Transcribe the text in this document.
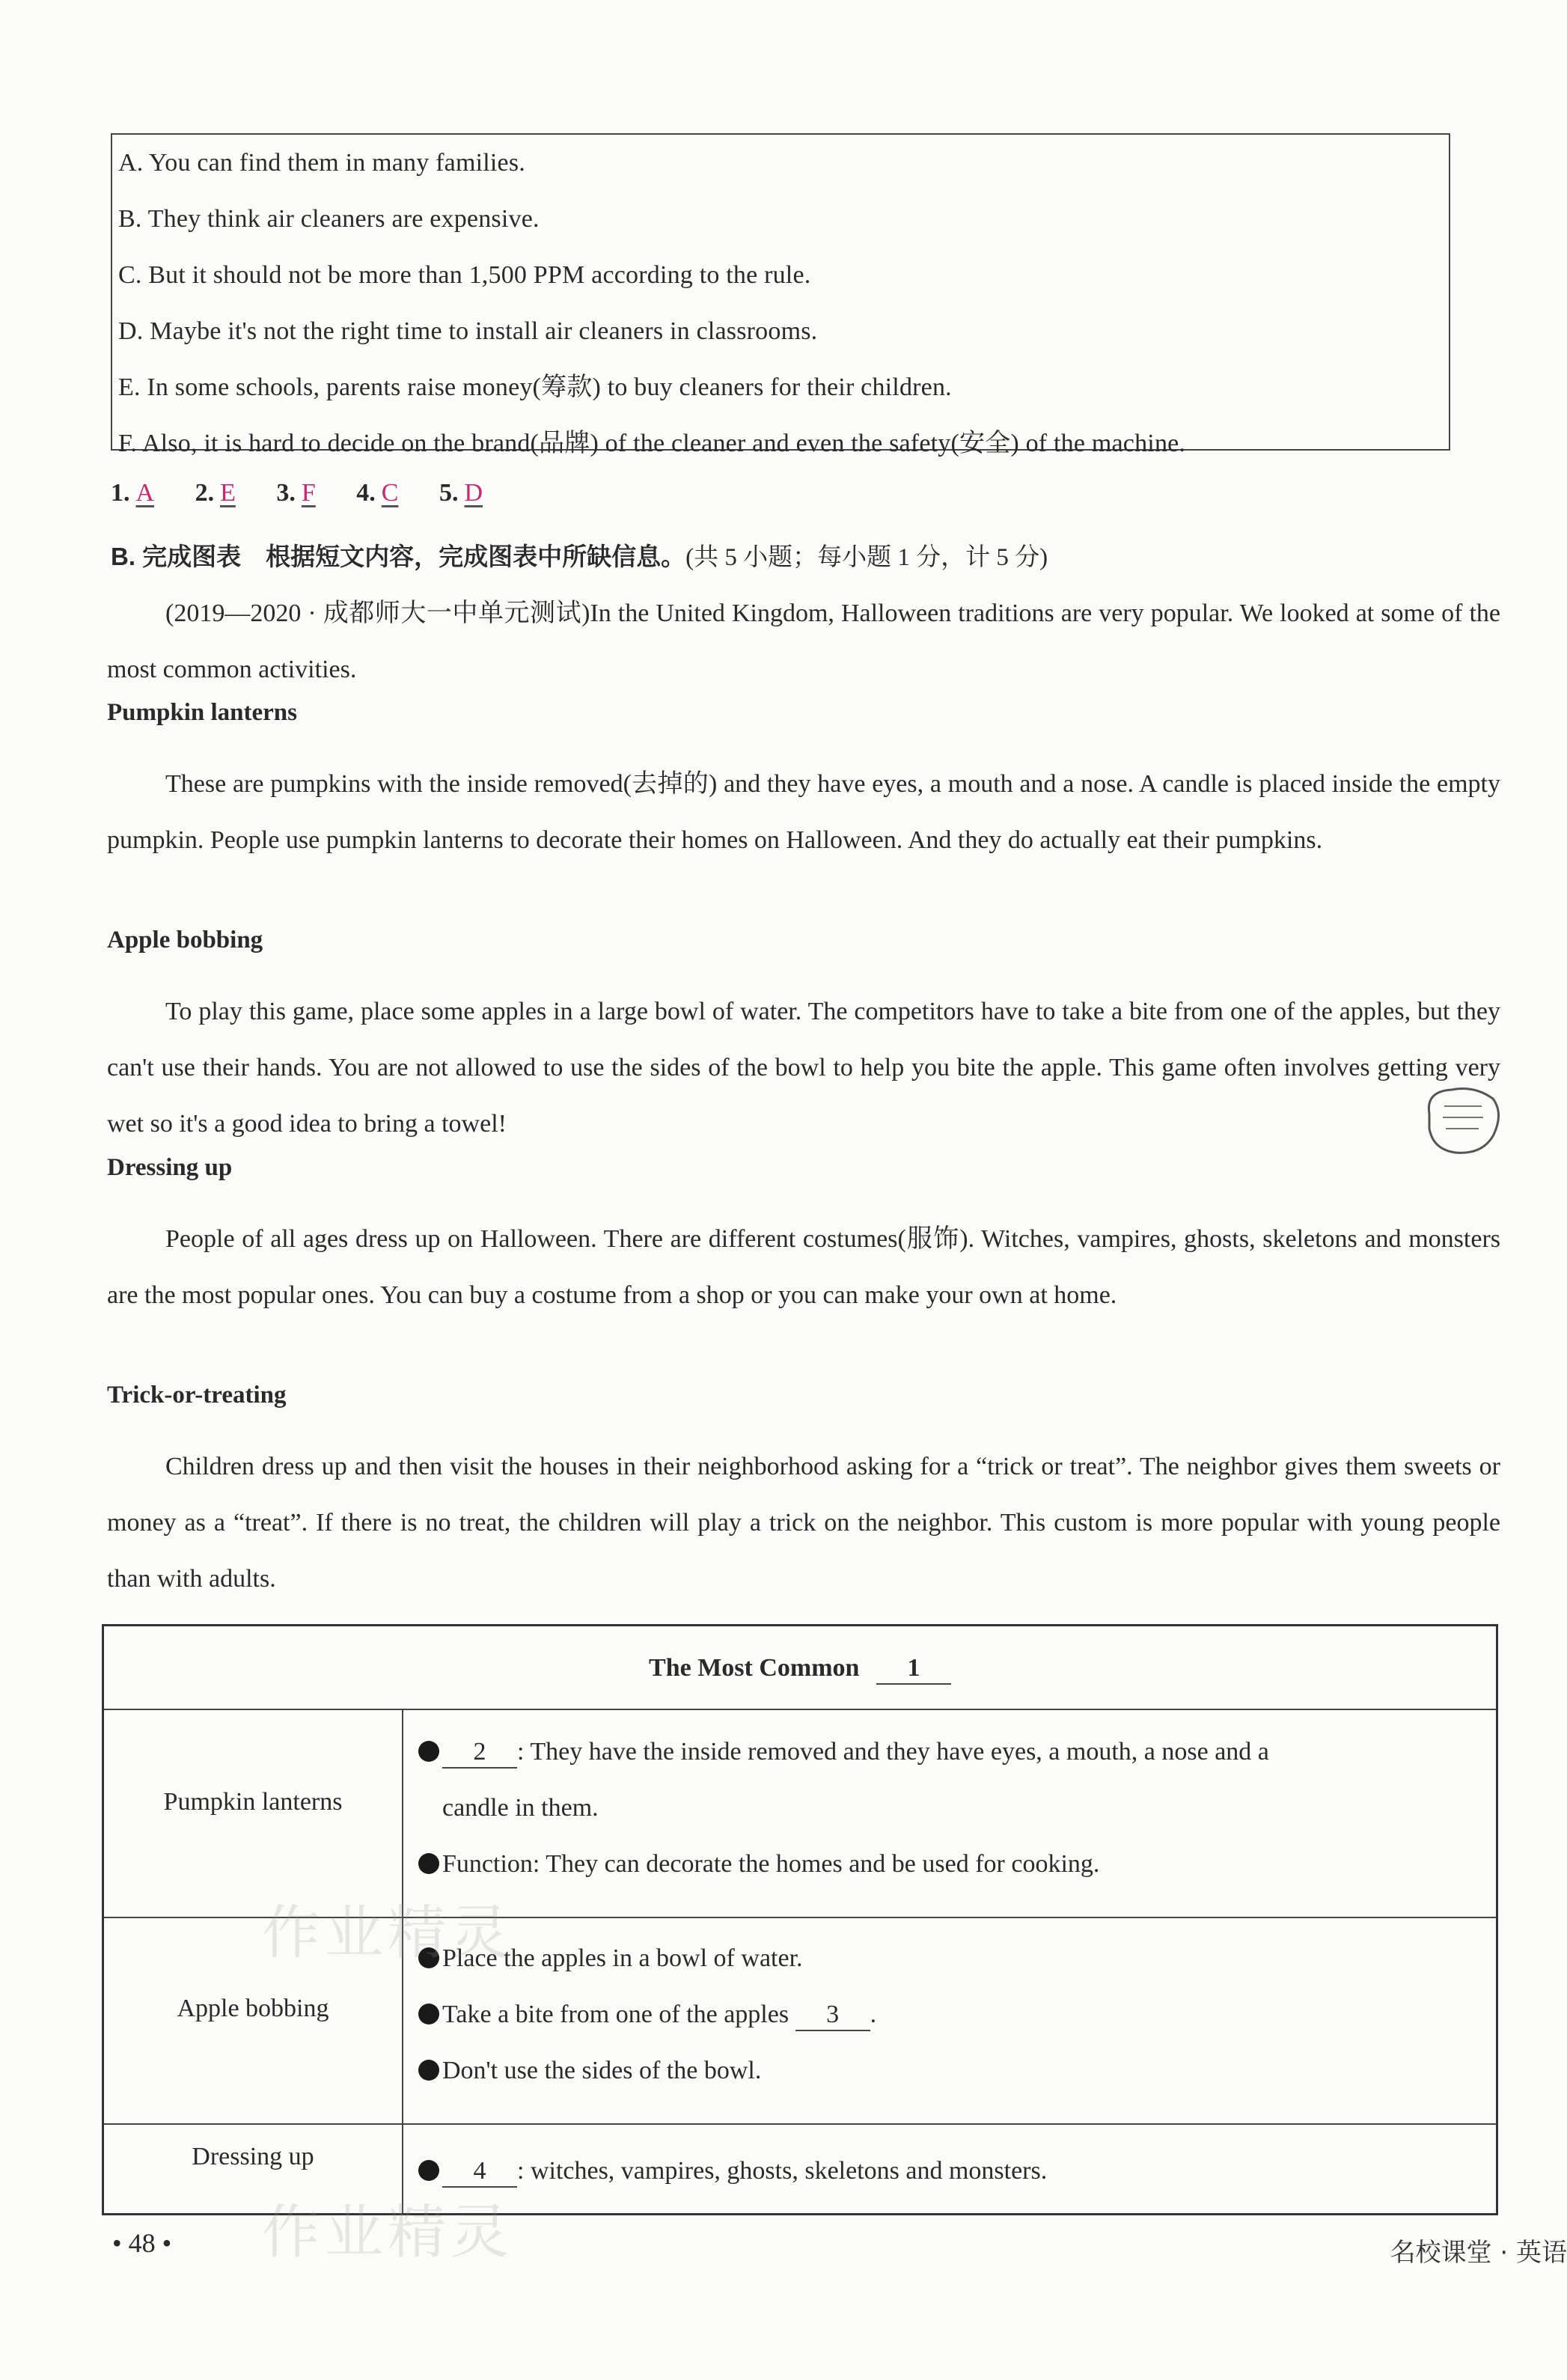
A. You can find them in many families.
B. They think air cleaners are expensive.
C. But it should not be more than 1,500 PPM according to the rule.
D. Maybe it's not the right time to install air cleaners in classrooms.
E. In some schools, parents raise money(筹款) to buy cleaners for their children.
F. Also, it is hard to decide on the brand(品牌) of the cleaner and even the safety(安全) of the machine.
1. A 2. E 3. F 4. C 5. D
B. 完成图表　根据短文内容，完成图表中所缺信息。(共 5 小题；每小题 1 分，计 5 分)
(2019—2020 · 成都师大一中单元测试)In the United Kingdom, Halloween traditions are very popular. We looked at some of the most common activities.
Pumpkin lanterns
These are pumpkins with the inside removed(去掉的) and they have eyes, a mouth and a nose. A candle is placed inside the empty pumpkin. People use pumpkin lanterns to decorate their homes on Halloween. And they do actually eat their pumpkins.
Apple bobbing
To play this game, place some apples in a large bowl of water. The competitors have to take a bite from one of the apples, but they can't use their hands. You are not allowed to use the sides of the bowl to help you bite the apple. This game often involves getting very wet so it's a good idea to bring a towel!
Dressing up
People of all ages dress up on Halloween. There are different costumes(服饰). Witches, vampires, ghosts, skeletons and monsters are the most popular ones. You can buy a costume from a shop or you can make your own at home.
Trick-or-treating
Children dress up and then visit the houses in their neighborhood asking for a “trick or treat”. The neighbor gives them sweets or money as a “treat”. If there is no treat, the children will play a trick on the neighbor. This custom is more popular with young people than with adults.
The Most Common 1
Pumpkin lanterns
2 : They have the inside removed and they have eyes, a mouth, a nose and a
candle in them.
Function: They can decorate the homes and be used for cooking.
Apple bobbing
Place the apples in a bowl of water.
Take a bite from one of the apples 3 .
Don't use the sides of the bowl.
Dressing up
4 : witches, vampires, ghosts, skeletons and monsters.
作业精灵
作业精灵
• 48 •	名校课堂 · 英语
